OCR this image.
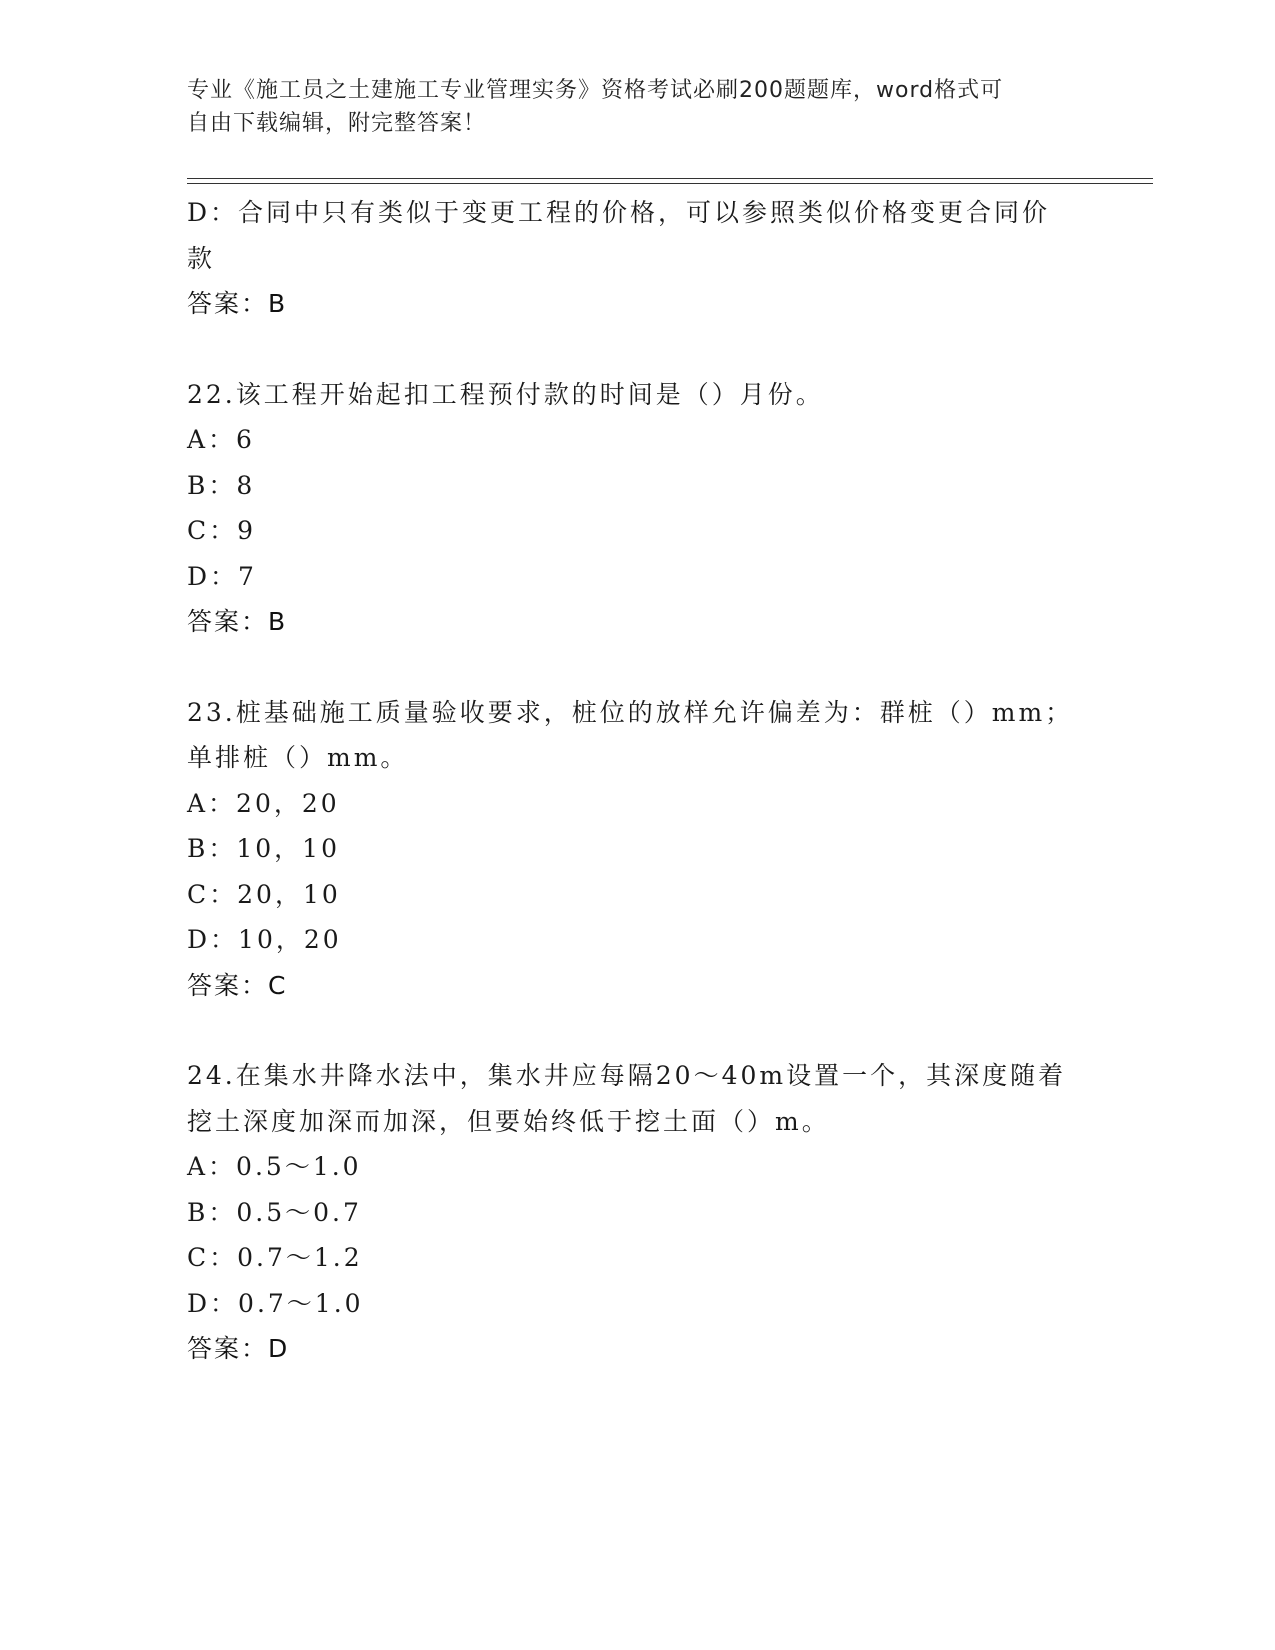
专业《施工员之土建施工专业管理实务》资格考试必刷200题题库，word格式可
自由下载编辑，附完整答案！
D：合同中只有类似于变更工程的价格，可以参照类似价格变更合同价
款
答案：B
22.该工程开始起扣工程预付款的时间是（）月份。
A：6
B：8
C：9
D：7
答案：B
23.桩基础施工质量验收要求，桩位的放样允许偏差为：群桩（）mm；
单排桩（）mm。
A：20，20
B：10，10
C：20，10
D：10，20
答案：C
24.在集水井降水法中，集水井应每隔20～40m设置一个，其深度随着
挖土深度加深而加深，但要始终低于挖土面（）m。
A：0.5～1.0
B：0.5～0.7
C：0.7～1.2
D：0.7～1.0
答案：D
